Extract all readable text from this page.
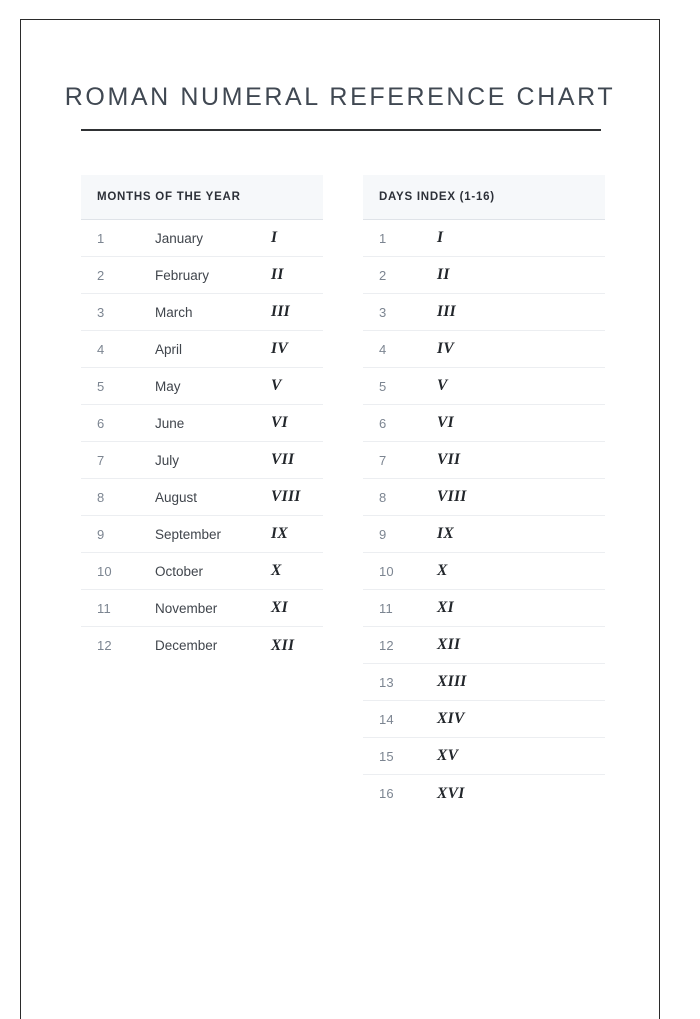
ROMAN NUMERAL REFERENCE CHART
MONTHS OF THE YEAR
1	January	I
2	February	II
3	March	III
4	April	IV
5	May	V
6	June	VI
7	July	VII
8	August	VIII
9	September	IX
10	October	X
11	November	XI
12	December	XII
DAYS INDEX (1-16)
1	I
2	II
3	III
4	IV
5	V
6	VI
7	VII
8	VIII
9	IX
10	X
11	XI
12	XII
13	XIII
14	XIV
15	XV
16	XVI
